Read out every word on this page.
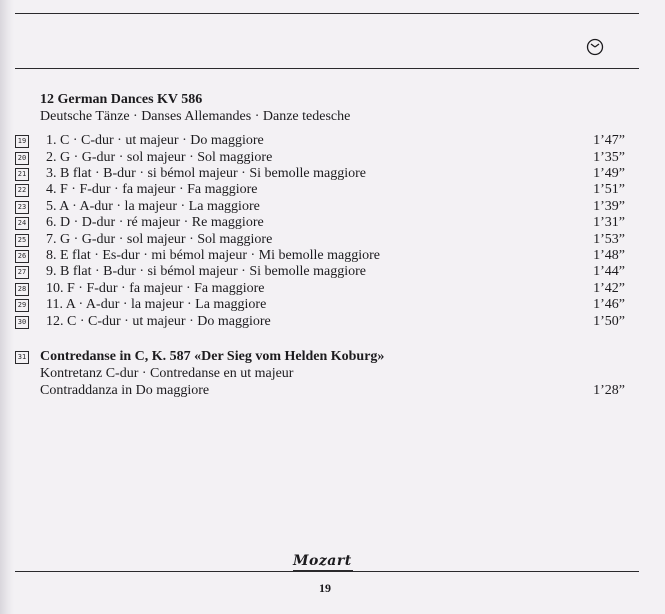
12 German Dances KV 586
Deutsche Tänze · Danses Allemandes · Danze tedesche
19 1. C · C-dur · ut majeur · Do maggiore	1’47”
20 2. G · G-dur · sol majeur · Sol maggiore	1’35”
21 3. B flat · B-dur · si bémol majeur · Si bemolle maggiore	1’49”
22 4. F · F-dur · fa majeur · Fa maggiore	1’51”
23 5. A · A-dur · la majeur · La maggiore	1’39”
24 6. D · D-dur · ré majeur · Re maggiore	1’31”
25 7. G · G-dur · sol majeur · Sol maggiore	1’53”
26 8. E flat · Es-dur · mi bémol majeur · Mi bemolle maggiore	1’48”
27 9. B flat · B-dur · si bémol majeur · Si bemolle maggiore	1’44”
28 10. F · F-dur · fa majeur · Fa maggiore	1’42”
29 11. A · A-dur · la majeur · La maggiore	1’46”
30 12. C · C-dur · ut majeur · Do maggiore	1’50”
31 Contredanse in C, K. 587 «Der Sieg vom Helden Koburg»
Kontretanz C-dur · Contredanse en ut majeur
Contraddanza in Do maggiore	1’28”
Mozart
19
